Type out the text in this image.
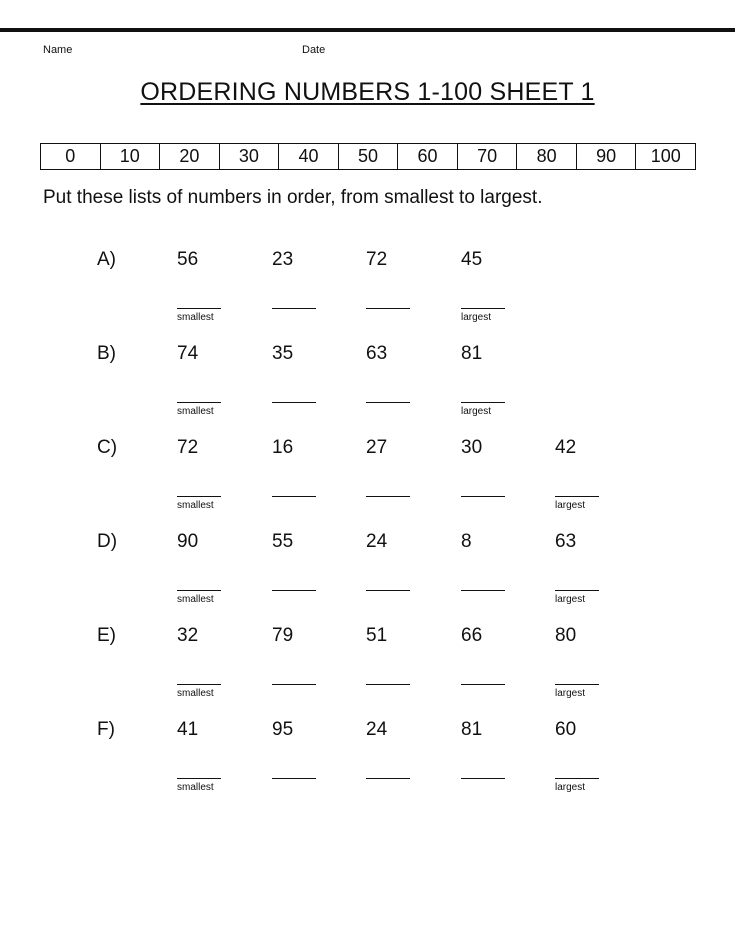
Name	Date
ORDERING NUMBERS 1-100 SHEET 1
0	10	20	30	40	50	60	70	80	90	100
Put these lists of numbers in order, from smallest to largest.
A)	56	23	72	45
smallest	largest
B)	74	35	63	81
smallest	largest
C)	72	16	27	30	42
smallest	largest
D)	90	55	24	8	63
smallest	largest
E)	32	79	51	66	80
smallest	largest
F)	41	95	24	81	60
smallest	largest
